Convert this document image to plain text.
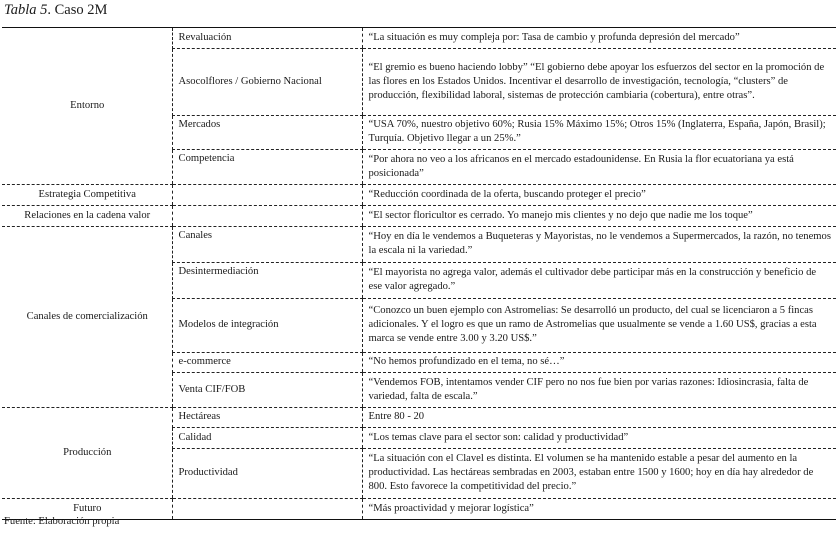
Tabla 5. Caso 2M
Entorno	Revaluación	“La situación es muy compleja por: Tasa de cambio y profunda depresión del mercado”
	Asocolflores / Gobierno Nacional	“El gremio es bueno haciendo lobby” “El gobierno debe apoyar los esfuerzos del sector en la promoción de las flores en los Estados Unidos. Incentivar el desarrollo de investigación, tecnología, “clusters” de producción, flexibilidad laboral, sistemas de protección cambiaria (cobertura), entre otras”.
	Mercados	“USA 70%, nuestro objetivo 60%; Rusia 15% Máximo 15%; Otros 15% (Inglaterra, España, Japón, Brasil); Turquía. Objetivo llegar a un 25%.”
	Competencia	“Por ahora no veo a los africanos en el mercado estadounidense. En Rusia la flor ecuatoriana ya está posicionada”
Estrategia Competitiva		“Reducción coordinada de la oferta, buscando proteger el precio”
Relaciones en la cadena valor		“El sector floricultor es cerrado. Yo manejo mis clientes y no dejo que nadie me los toque”
Canales de comercialización	Canales	“Hoy en día le vendemos a Buqueteras y Mayoristas, no le vendemos a Supermercados, la razón, no tenemos la escala ni la variedad.”
	Desintermediación	“El mayorista no agrega valor, además el cultivador debe participar más en la construcción y beneficio de ese valor agregado.”
	Modelos de integración	“Conozco un buen ejemplo con Astromelias: Se desarrolló un producto, del cual se licenciaron a 5 fincas adicionales. Y el logro es que un ramo de Astromelias que usualmente se vende a 1.60 US$, gracias a esta marca se vende entre 3.00 y 3.20 US$.”
	e-commerce	“No hemos profundizado en el tema, no sé…”
	Venta CIF/FOB	“Vendemos FOB, intentamos vender CIF pero no nos fue bien por varias razones: Idiosincrasia, falta de variedad, falta de escala.”
Producción	Hectáreas	Entre 80 - 20
	Calidad	“Los temas clave para el sector son: calidad y productividad”
	Productividad	“La situación con el Clavel es distinta. El volumen se ha mantenido estable a pesar del aumento en la productividad. Las hectáreas sembradas en 2003, estaban entre 1500 y 1600; hoy en día hay alrededor de 800. Esto favorece la competitividad del precio.”
Futuro		“Más proactividad y mejorar logística”
Fuente: Elaboración propia
